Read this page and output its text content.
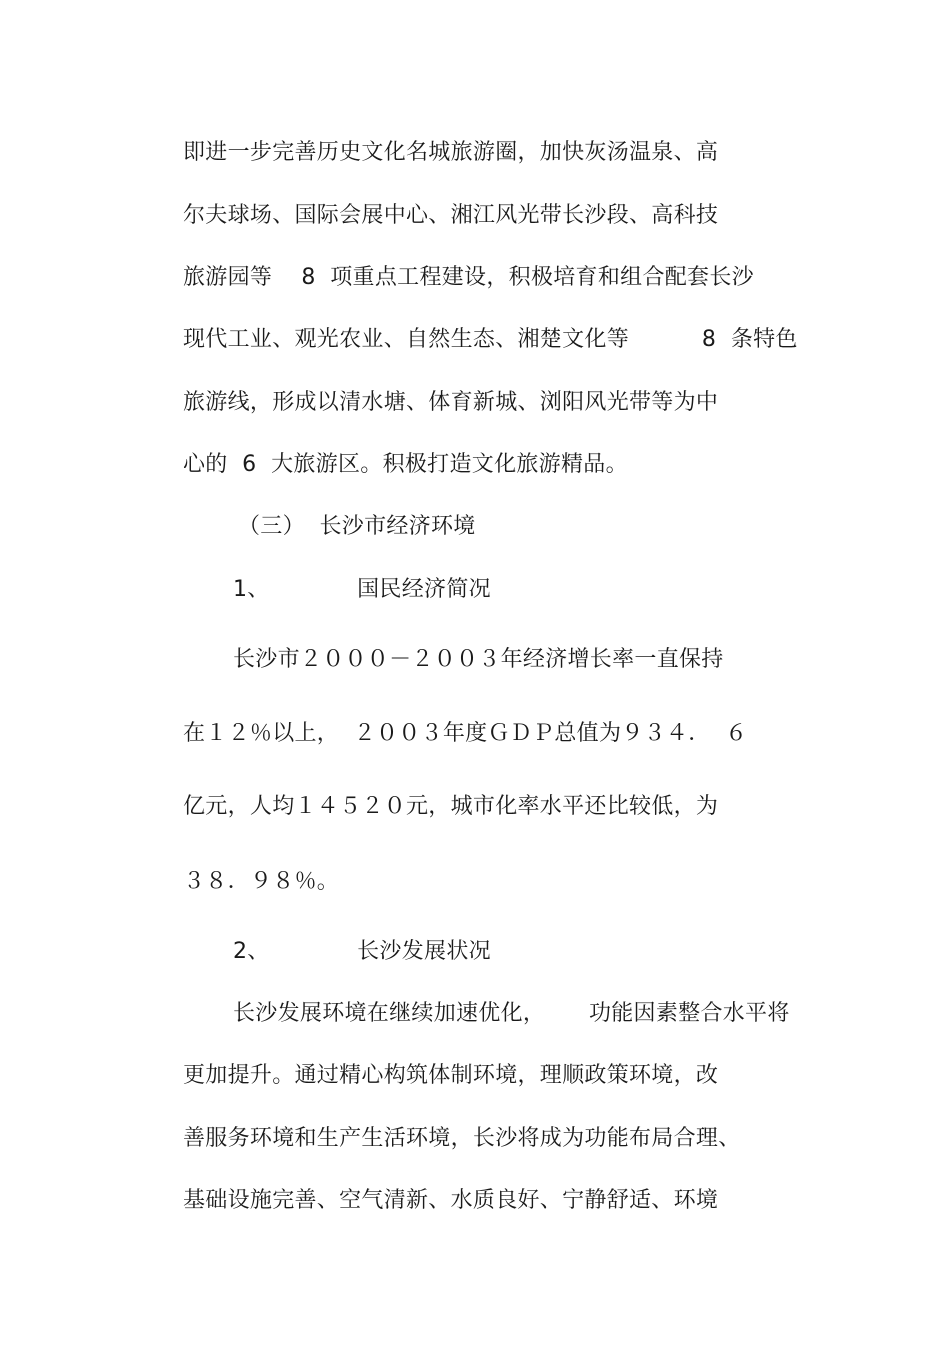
即进一步完善历史文化名城旅游圈，加快灰汤温泉、高
尔夫球场、国际会展中心、湘江风光带长沙段、高科技
旅游园等    8  项重点工程建设，积极培育和组合配套长沙
现代工业、观光农业、自然生态、湘楚文化等          8  条特色
旅游线，形成以清水塘、体育新城、浏阳风光带等为中
心的  6  大旅游区。积极打造文化旅游精品。
（三）  长沙市经济环境
1、            国民经济简况
长沙市２０００－２００３年经济增长率一直保持
在１２％以上，  ２００３年度ＧＤＰ总值为９３４．  ６
亿元，人均１４５２０元，城市化率水平还比较低，为
３８．９８％。
2、            长沙发展状况
长沙发展环境在继续加速优化，      功能因素整合水平将
更加提升。通过精心构筑体制环境，理顺政策环境，改
善服务环境和生产生活环境，长沙将成为功能布局合理、
基础设施完善、空气清新、水质良好、宁静舒适、环境
